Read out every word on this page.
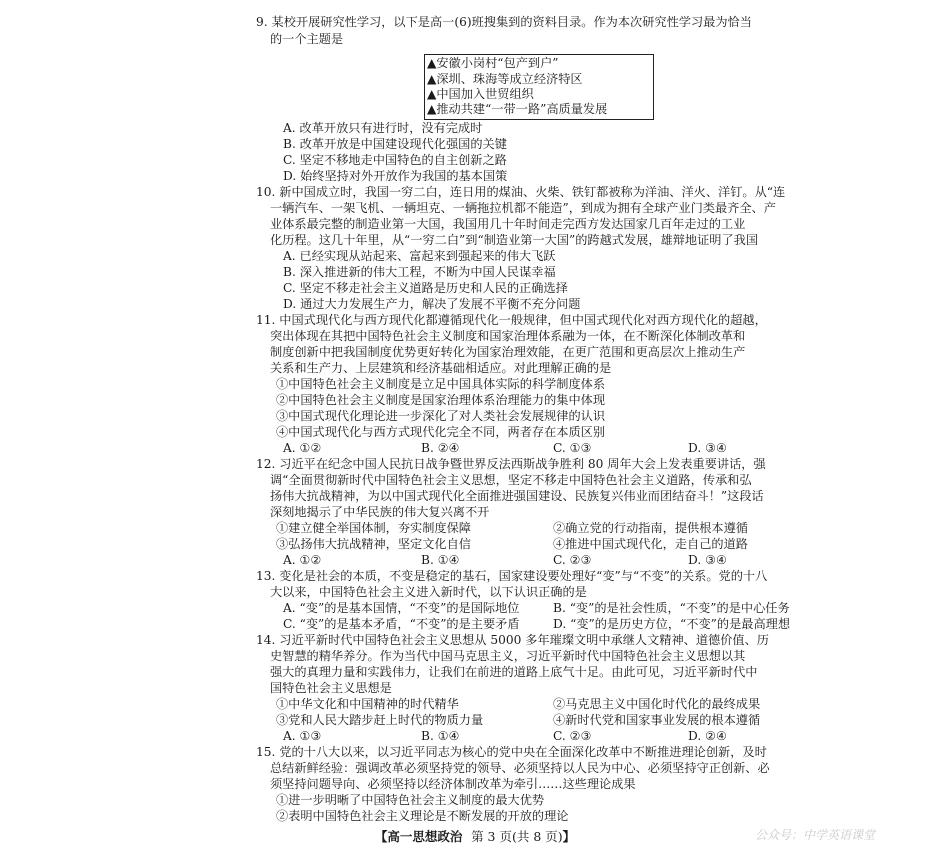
9. 某校开展研究性学习，以下是高一(6)班搜集到的资料目录。作为本次研究性学习最为恰当
的一个主题是
▲安徽小岗村“包产到户”
▲深圳、珠海等成立经济特区
▲中国加入世贸组织
▲推动共建“一带一路”高质量发展
A. 改革开放只有进行时，没有完成时
B. 改革开放是中国建设现代化强国的关键
C. 坚定不移地走中国特色的自主创新之路
D. 始终坚持对外开放作为我国的基本国策
10. 新中国成立时，我国一穷二白，连日用的煤油、火柴、铁钉都被称为洋油、洋火、洋钉。从“连
一辆汽车、一架飞机、一辆坦克、一辆拖拉机都不能造”，到成为拥有全球产业门类最齐全、产
业体系最完整的制造业第一大国，我国用几十年时间走完西方发达国家几百年走过的工业
化历程。这几十年里，从“一穷二白”到“制造业第一大国”的跨越式发展，雄辩地证明了我国
A. 已经实现从站起来、富起来到强起来的伟大飞跃
B. 深入推进新的伟大工程，不断为中国人民谋幸福
C. 坚定不移走社会主义道路是历史和人民的正确选择
D. 通过大力发展生产力，解决了发展不平衡不充分问题
11. 中国式现代化与西方现代化都遵循现代化一般规律，但中国式现代化对西方现代化的超越，
突出体现在其把中国特色社会主义制度和国家治理体系融为一体，在不断深化体制改革和
制度创新中把我国制度优势更好转化为国家治理效能，在更广范围和更高层次上推动生产
关系和生产力、上层建筑和经济基础相适应。对此理解正确的是
①中国特色社会主义制度是立足中国具体实际的科学制度体系
②中国特色社会主义制度是国家治理体系治理能力的集中体现
③中国式现代化理论进一步深化了对人类社会发展规律的认识
④中国式现代化与西方式现代化完全不同，两者存在本质区别
A. ①②	B. ②④	C. ①③	D. ③④
12. 习近平在纪念中国人民抗日战争暨世界反法西斯战争胜利 80 周年大会上发表重要讲话，强
调“全面贯彻新时代中国特色社会主义思想，坚定不移走中国特色社会主义道路，传承和弘
扬伟大抗战精神，为以中国式现代化全面推进强国建设、民族复兴伟业而团结奋斗！”这段话
深刻地揭示了中华民族的伟大复兴离不开
①建立健全举国体制，夯实制度保障	②确立党的行动指南，提供根本遵循
③弘扬伟大抗战精神，坚定文化自信	④推进中国式现代化，走自己的道路
A. ①②	B. ①④	C. ②③	D. ③④
13. 变化是社会的本质，不变是稳定的基石，国家建设要处理好“变”与“不变”的关系。党的十八
大以来，中国特色社会主义进入新时代，以下认识正确的是
A. “变”的是基本国情，“不变”的是国际地位	B. “变”的是社会性质，“不变”的是中心任务
C. “变”的是基本矛盾，“不变”的是主要矛盾	D. “变”的是历史方位，“不变”的是最高理想
14. 习近平新时代中国特色社会主义思想从 5000 多年璀璨文明中承继人文精神、道德价值、历
史智慧的精华养分。作为当代中国马克思主义，习近平新时代中国特色社会主义思想以其
强大的真理力量和实践伟力，让我们在前进的道路上底气十足。由此可见，习近平新时代中
国特色社会主义思想是
①中华文化和中国精神的时代精华	②马克思主义中国化时代化的最终成果
③党和人民大踏步赶上时代的物质力量	④新时代党和国家事业发展的根本遵循
A. ①③	B. ①④	C. ②③	D. ②④
15. 党的十八大以来，以习近平同志为核心的党中央在全面深化改革中不断推进理论创新，及时
总结新鲜经验：强调改革必须坚持党的领导、必须坚持以人民为中心、必须坚持守正创新、必
须坚持问题导向、必须坚持以经济体制改革为牵引……这些理论成果
①进一步明晰了中国特色社会主义制度的最大优势
②表明中国特色社会主义理论是不断发展的开放的理论
【高一思想政治 第 3 页(共 8 页)】	公众号：中学英语课堂
